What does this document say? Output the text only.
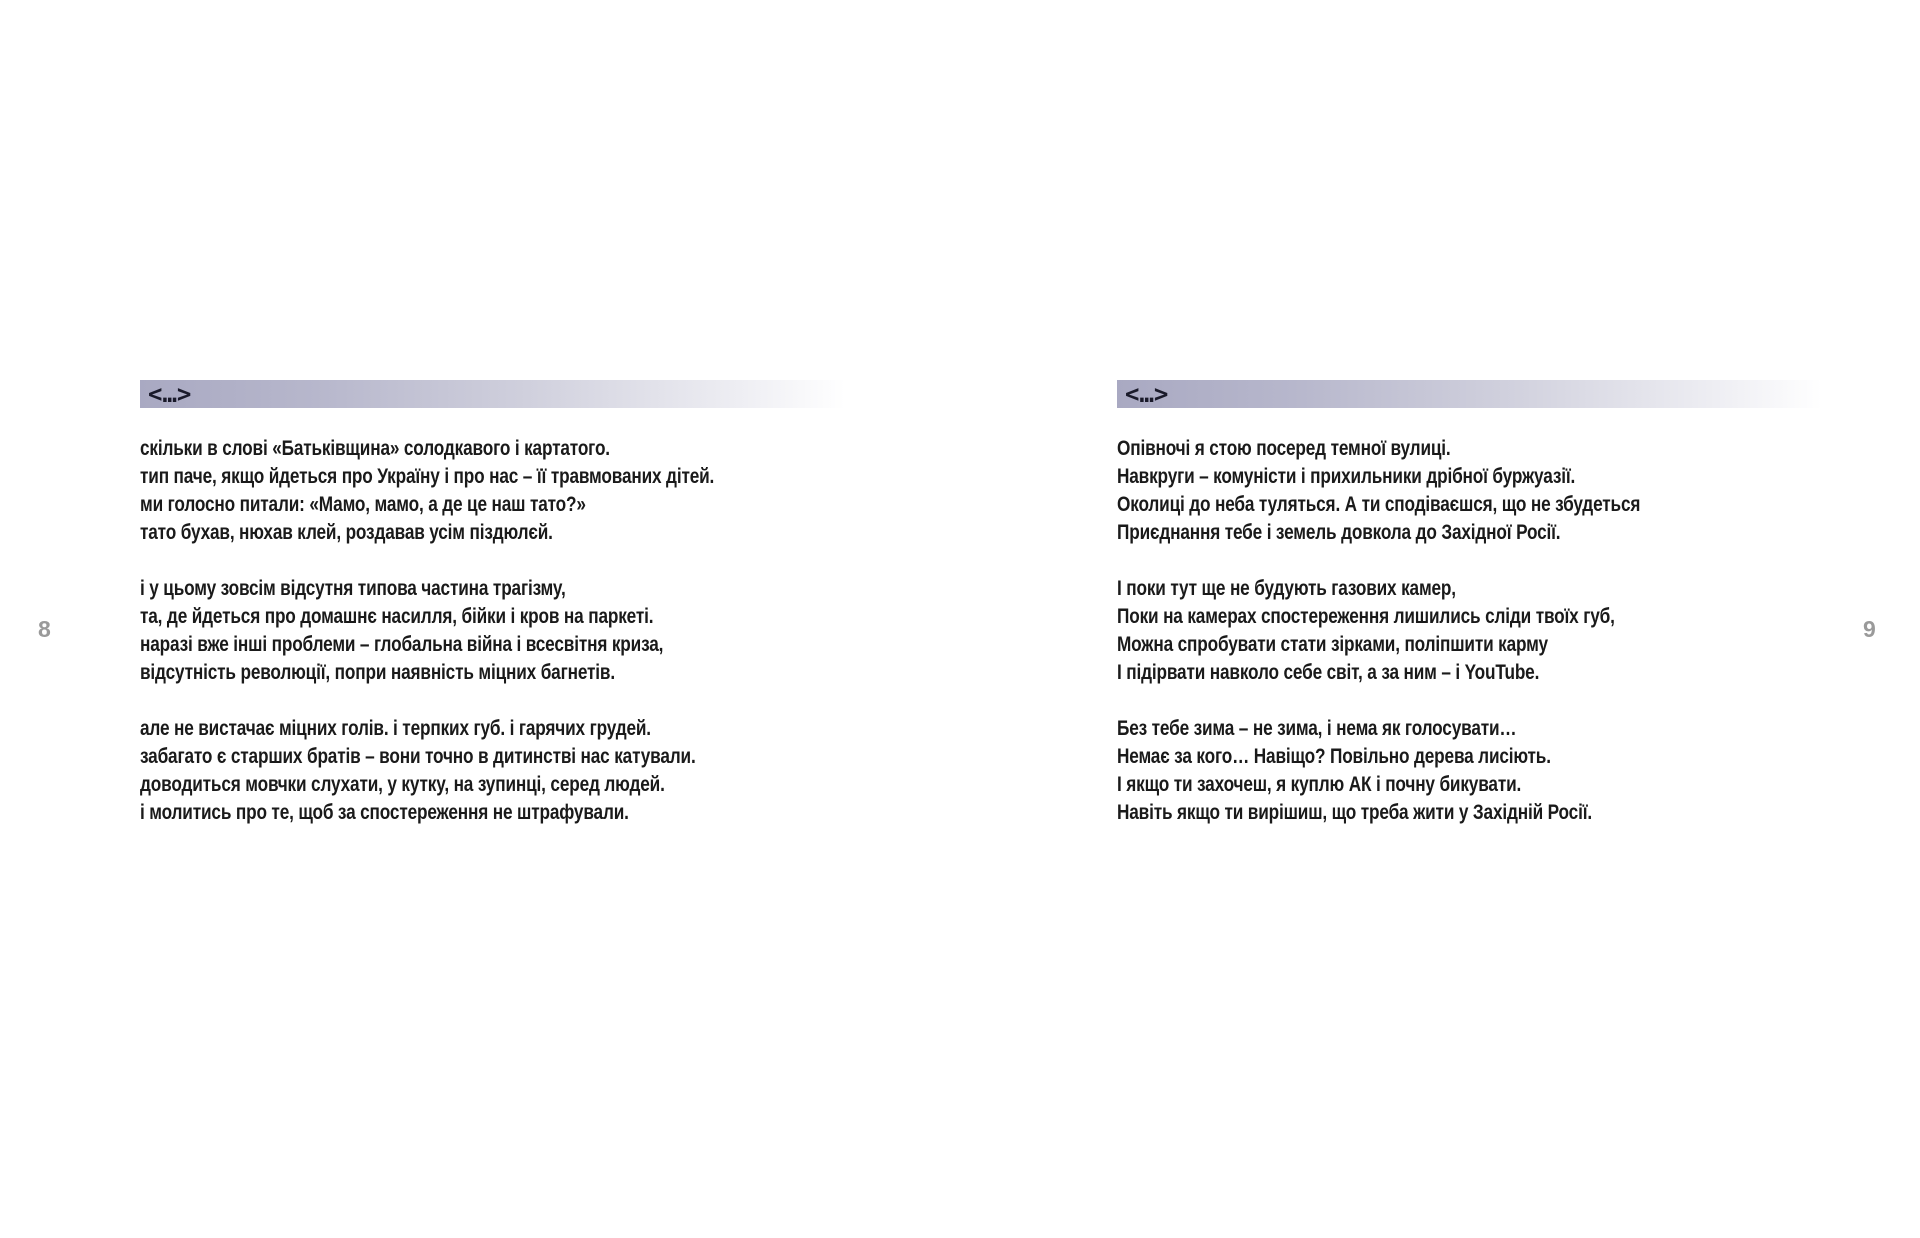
8	9
<…>
скільки в слові «Батьківщина» солодкавого і картатого.
тип паче, якщо йдеться про Україну і про нас – її травмованих дітей.
ми голосно питали: «Мамо, мамо, а де це наш тато?»
тато бухав, нюхав клей, роздавав усім піздюлєй.
і у цьому зовсім відсутня типова частина трагізму,
та, де йдеться про домашнє насилля, бійки і кров на паркеті.
наразі вже інші проблеми – глобальна війна і всесвітня криза,
відсутність революції, попри наявність міцних багнетів.
але не вистачає міцних голів. і терпких губ. і гарячих грудей.
забагато є старших братів – вони точно в дитинстві нас катували.
доводиться мовчки слухати, у кутку, на зупинці, серед людей.
і молитись про те, щоб за спостереження не штрафували.
<…>
Опівночі я стою посеред темної вулиці.
Навкруги – комуністи і прихильники дрібної буржуазії.
Околиці до неба туляться. А ти сподіваєшся, що не збудеться
Приєднання тебе і земель довкола до Західної Росії.
І поки тут ще не будують газових камер,
Поки на камерах спостереження лишились сліди твоїх губ,
Можна спробувати стати зірками, поліпшити карму
І підірвати навколо себе світ, а за ним – і YouTube.
Без тебе зима – не зима, і нема як голосувати…
Немає за кого… Навіщо? Повільно дерева лисіють.
І якщо ти захочеш, я куплю АК і почну бикувати.
Навіть якщо ти вирішиш, що треба жити у Західній Росії.
